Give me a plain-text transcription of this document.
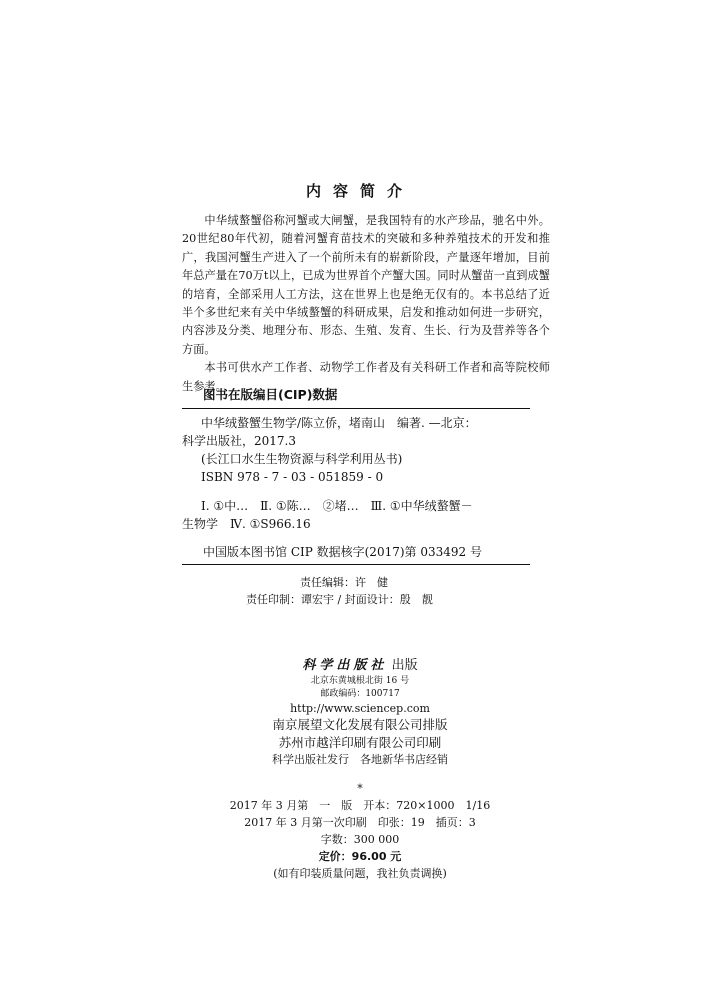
内容简介

中华绒螯蟹俗称河蟹或大闸蟹，是我国特有的水产珍品，驰名中外。20世纪80年代初，随着河蟹育苗技术的突破和多种养殖技术的开发和推广，我国河蟹生产进入了一个前所未有的崭新阶段，产量逐年增加，目前年总产量在70万t以上，已成为世界首个产蟹大国。同时从蟹苗一直到成蟹的培育，全部采用人工方法，这在世界上也是绝无仅有的。本书总结了近半个多世纪来有关中华绒螯蟹的科研成果，启发和推动如何进一步研究，内容涉及分类、地理分布、形态、生殖、发育、生长、行为及营养等各个方面。

本书可供水产工作者、动物学工作者及有关科研工作者和高等院校师生参考。

图书在版编目(CIP)数据
中华绒螯蟹生物学/陈立侨，堵南山　编著. —北京：
科学出版社，2017.3
(长江口水生生物资源与科学利用丛书)
ISBN 978 - 7 - 03 - 051859 - 0
Ⅰ. ①中…　Ⅱ. ①陈…　②堵…　Ⅲ. ①中华绒螯蟹－
生物学　Ⅳ. ①S966.16
中国版本图书馆 CIP 数据核字(2017)第 033492 号
责任编辑：许　健
责任印制：谭宏宇 / 封面设计：殷　靓
科学出版社 出版
北京东黄城根北街 16 号
邮政编码：100717
http://www.sciencep.com
南京展望文化发展有限公司排版
苏州市越洋印刷有限公司印刷
科学出版社发行　各地新华书店经销
*
2017 年 3 月第　一　版　开本：720×1000　1/16
2017 年 3 月第一次印刷　印张：19　插页：3
字数：300 000
定价：96.00 元
(如有印装质量问题，我社负责调换)
